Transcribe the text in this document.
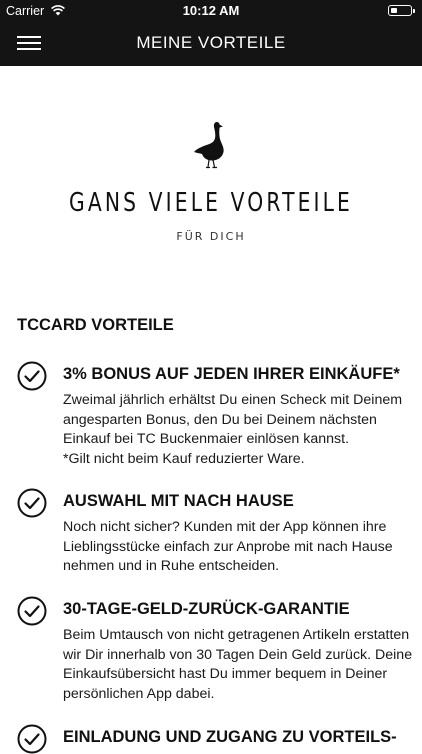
Carrier	10:12 AM
MEINE VORTEILE
GANS VIELE VORTEILE
FÜR DICH
TCCARD VORTEILE
3% BONUS AUF JEDEN IHRER EINKÄUFE*
Zweimal jährlich erhältst Du einen Scheck mit Deinem angesparten Bonus, den Du bei Deinem nächsten Einkauf bei TC Buckenmaier einlösen kannst.
*Gilt nicht beim Kauf reduzierter Ware.
AUSWAHL MIT NACH HAUSE
Noch nicht sicher? Kunden mit der App können ihre Lieblingsstücke einfach zur Anprobe mit nach Hause nehmen und in Ruhe entscheiden.
30-TAGE-GELD-ZURÜCK-GARANTIE
Beim Umtausch von nicht getragenen Artikeln erstatten wir Dir innerhalb von 30 Tagen Dein Geld zurück. Deine Einkaufsübersicht hast Du immer bequem in Deiner persönlichen App dabei.
EINLADUNG UND ZUGANG ZU VORTEILS-
